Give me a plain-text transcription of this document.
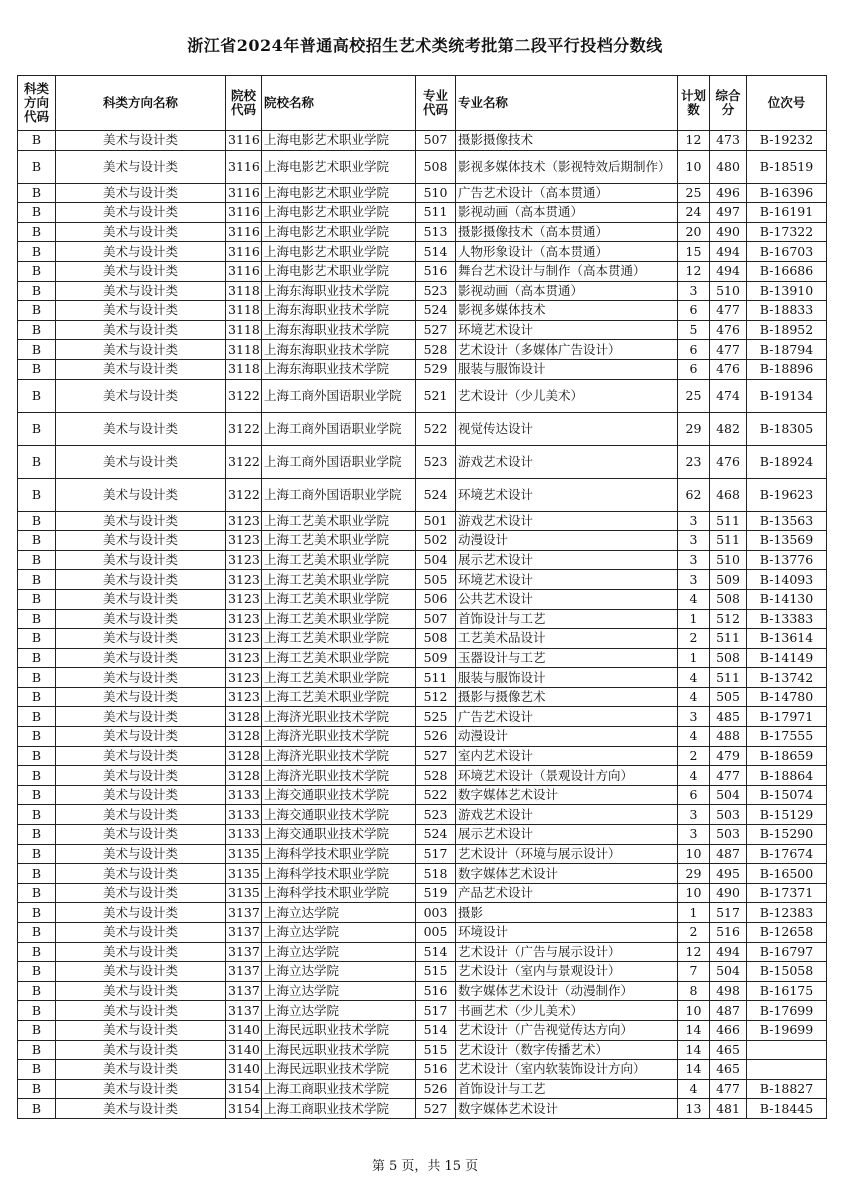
浙江省2024年普通高校招生艺术类统考批第二段平行投档分数线
科类方向代码	科类方向名称	院校代码	院校名称	专业代码	专业名称	计划数	综合分	位次号
B	美术与设计类	3116	上海电影艺术职业学院	507	摄影摄像技术	12	473	B-19232
B	美术与设计类	3116	上海电影艺术职业学院	508	影视多媒体技术（影视特效后期制作）	10	480	B-18519
B	美术与设计类	3116	上海电影艺术职业学院	510	广告艺术设计（高本贯通）	25	496	B-16396
B	美术与设计类	3116	上海电影艺术职业学院	511	影视动画（高本贯通）	24	497	B-16191
B	美术与设计类	3116	上海电影艺术职业学院	513	摄影摄像技术（高本贯通）	20	490	B-17322
B	美术与设计类	3116	上海电影艺术职业学院	514	人物形象设计（高本贯通）	15	494	B-16703
B	美术与设计类	3116	上海电影艺术职业学院	516	舞台艺术设计与制作（高本贯通）	12	494	B-16686
B	美术与设计类	3118	上海东海职业技术学院	523	影视动画（高本贯通）	3	510	B-13910
B	美术与设计类	3118	上海东海职业技术学院	524	影视多媒体技术	6	477	B-18833
B	美术与设计类	3118	上海东海职业技术学院	527	环境艺术设计	5	476	B-18952
B	美术与设计类	3118	上海东海职业技术学院	528	艺术设计（多媒体广告设计）	6	477	B-18794
B	美术与设计类	3118	上海东海职业技术学院	529	服装与服饰设计	6	476	B-18896
B	美术与设计类	3122	上海工商外国语职业学院	521	艺术设计（少儿美术）	25	474	B-19134
B	美术与设计类	3122	上海工商外国语职业学院	522	视觉传达设计	29	482	B-18305
B	美术与设计类	3122	上海工商外国语职业学院	523	游戏艺术设计	23	476	B-18924
B	美术与设计类	3122	上海工商外国语职业学院	524	环境艺术设计	62	468	B-19623
B	美术与设计类	3123	上海工艺美术职业学院	501	游戏艺术设计	3	511	B-13563
B	美术与设计类	3123	上海工艺美术职业学院	502	动漫设计	3	511	B-13569
B	美术与设计类	3123	上海工艺美术职业学院	504	展示艺术设计	3	510	B-13776
B	美术与设计类	3123	上海工艺美术职业学院	505	环境艺术设计	3	509	B-14093
B	美术与设计类	3123	上海工艺美术职业学院	506	公共艺术设计	4	508	B-14130
B	美术与设计类	3123	上海工艺美术职业学院	507	首饰设计与工艺	1	512	B-13383
B	美术与设计类	3123	上海工艺美术职业学院	508	工艺美术品设计	2	511	B-13614
B	美术与设计类	3123	上海工艺美术职业学院	509	玉器设计与工艺	1	508	B-14149
B	美术与设计类	3123	上海工艺美术职业学院	511	服装与服饰设计	4	511	B-13742
B	美术与设计类	3123	上海工艺美术职业学院	512	摄影与摄像艺术	4	505	B-14780
B	美术与设计类	3128	上海济光职业技术学院	525	广告艺术设计	3	485	B-17971
B	美术与设计类	3128	上海济光职业技术学院	526	动漫设计	4	488	B-17555
B	美术与设计类	3128	上海济光职业技术学院	527	室内艺术设计	2	479	B-18659
B	美术与设计类	3128	上海济光职业技术学院	528	环境艺术设计（景观设计方向）	4	477	B-18864
B	美术与设计类	3133	上海交通职业技术学院	522	数字媒体艺术设计	6	504	B-15074
B	美术与设计类	3133	上海交通职业技术学院	523	游戏艺术设计	3	503	B-15129
B	美术与设计类	3133	上海交通职业技术学院	524	展示艺术设计	3	503	B-15290
B	美术与设计类	3135	上海科学技术职业学院	517	艺术设计（环境与展示设计）	10	487	B-17674
B	美术与设计类	3135	上海科学技术职业学院	518	数字媒体艺术设计	29	495	B-16500
B	美术与设计类	3135	上海科学技术职业学院	519	产品艺术设计	10	490	B-17371
B	美术与设计类	3137	上海立达学院	003	摄影	1	517	B-12383
B	美术与设计类	3137	上海立达学院	005	环境设计	2	516	B-12658
B	美术与设计类	3137	上海立达学院	514	艺术设计（广告与展示设计）	12	494	B-16797
B	美术与设计类	3137	上海立达学院	515	艺术设计（室内与景观设计）	7	504	B-15058
B	美术与设计类	3137	上海立达学院	516	数字媒体艺术设计（动漫制作）	8	498	B-16175
B	美术与设计类	3137	上海立达学院	517	书画艺术（少儿美术）	10	487	B-17699
B	美术与设计类	3140	上海民远职业技术学院	514	艺术设计（广告视觉传达方向）	14	466	B-19699
B	美术与设计类	3140	上海民远职业技术学院	515	艺术设计（数字传播艺术）	14	465	
B	美术与设计类	3140	上海民远职业技术学院	516	艺术设计（室内软装饰设计方向）	14	465	
B	美术与设计类	3154	上海工商职业技术学院	526	首饰设计与工艺	4	477	B-18827
B	美术与设计类	3154	上海工商职业技术学院	527	数字媒体艺术设计	13	481	B-18445
第 5 页，共 15 页
